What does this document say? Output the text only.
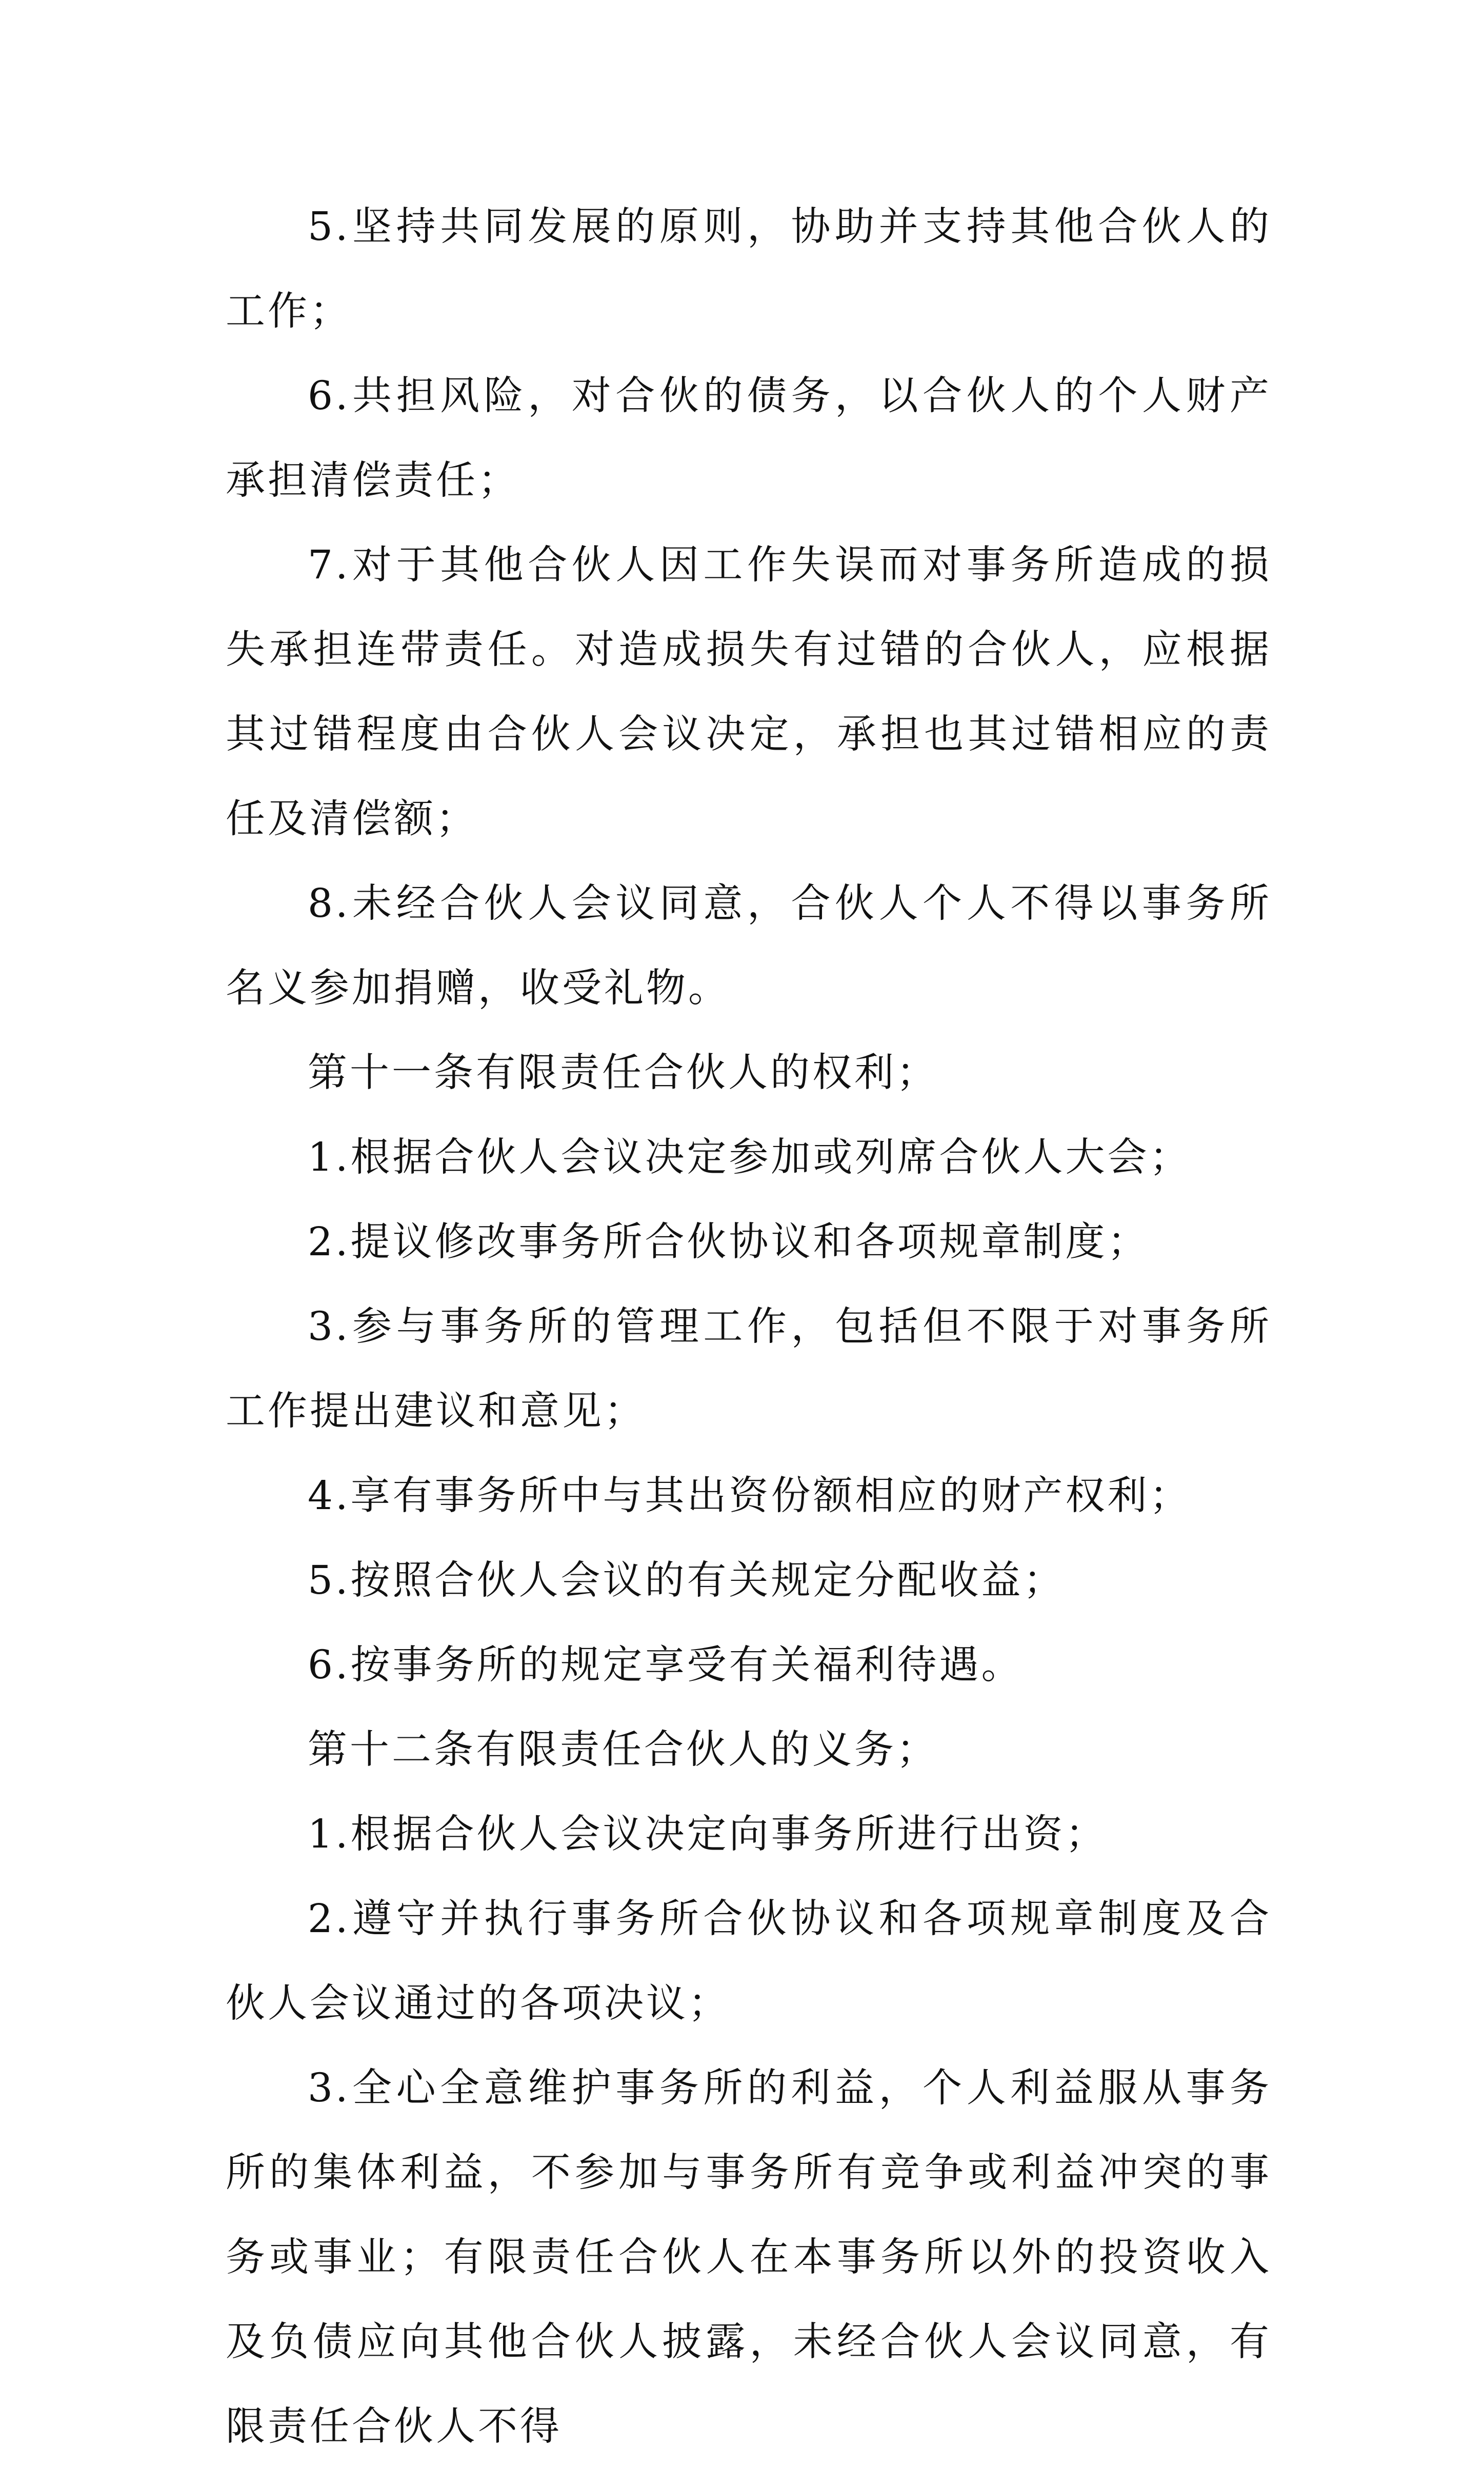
5.坚持共同发展的原则，协助并支持其他合伙人的工作；

6.共担风险，对合伙的债务，以合伙人的个人财产承担清偿责任；

7.对于其他合伙人因工作失误而对事务所造成的损失承担连带责任。对造成损失有过错的合伙人，应根据其过错程度由合伙人会议决定，承担也其过错相应的责任及清偿额；

8.未经合伙人会议同意，合伙人个人不得以事务所名义参加捐赠，收受礼物。

第十一条有限责任合伙人的权利；

1.根据合伙人会议决定参加或列席合伙人大会；

2.提议修改事务所合伙协议和各项规章制度；

3.参与事务所的管理工作，包括但不限于对事务所工作提出建议和意见；

4.享有事务所中与其出资份额相应的财产权利；

5.按照合伙人会议的有关规定分配收益；

6.按事务所的规定享受有关福利待遇。

第十二条有限责任合伙人的义务；

1.根据合伙人会议决定向事务所进行出资；

2.遵守并执行事务所合伙协议和各项规章制度及合伙人会议通过的各项决议；

3.全心全意维护事务所的利益，个人利益服从事务所的集体利益，不参加与事务所有竞争或利益冲突的事务或事业；有限责任合伙人在本事务所以外的投资收入及负债应向其他合伙人披露，未经合伙人会议同意，有限责任合伙人不得
